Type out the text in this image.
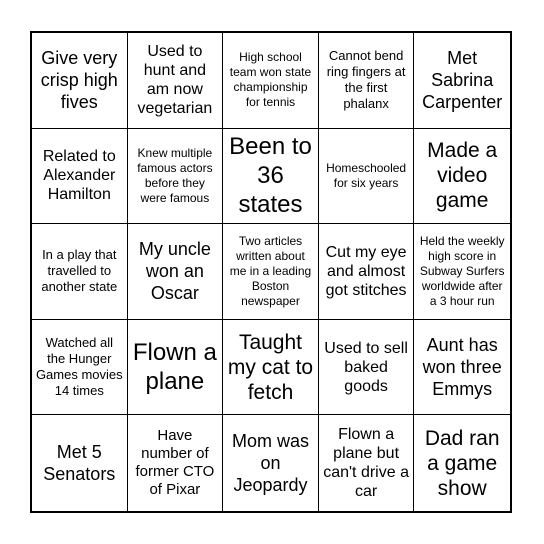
Give very crisp high fives
Used to hunt and am now vegetarian
High school team won state championship for tennis
Cannot bend ring fingers at the first phalanx
Met Sabrina Carpenter
Related to Alexander Hamilton
Knew multiple famous actors before they were famous
Been to 36 states
Homeschooled for six years
Made a video game
In a play that travelled to another state
My uncle won an Oscar
Two articles written about me in a leading Boston newspaper
Cut my eye and almost got stitches
Held the weekly high score in Subway Surfers worldwide after a 3 hour run
Watched all the Hunger Games movies 14 times
Flown a plane
Taught my cat to fetch
Used to sell baked goods
Aunt has won three Emmys
Met 5 Senators
Have number of former CTO of Pixar
Mom was on Jeopardy
Flown a plane but can't drive a car
Dad ran a game show
